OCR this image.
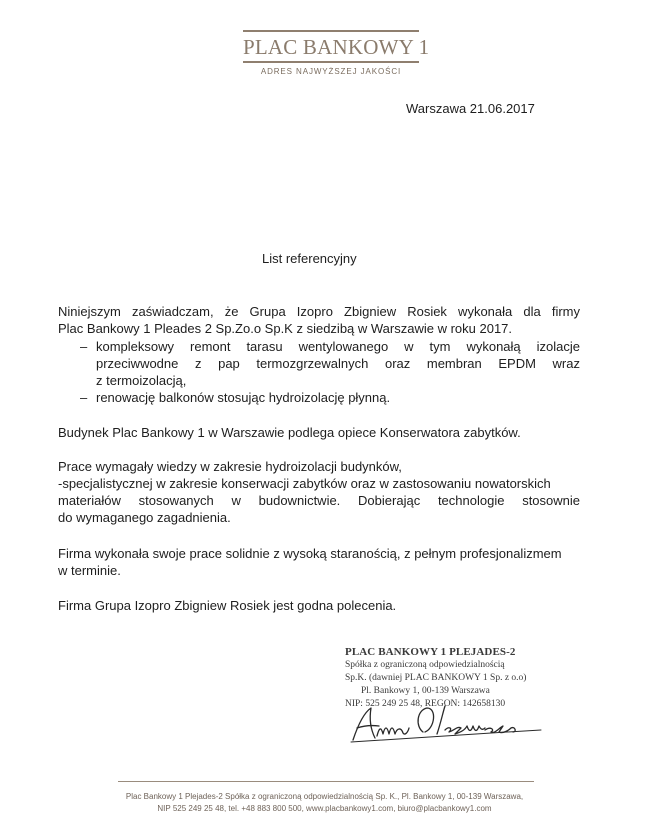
PLAC BANKOWY 1
ADRES NAJWYŻSZEJ JAKOŚCI
Warszawa 21.06.2017
List referencyjny
Niniejszym zaświadczam, że Grupa Izopro Zbigniew Rosiek wykonała dla firmy
Plac Bankowy 1 Pleades 2 Sp.Zo.o Sp.K z siedzibą w Warszawie w roku 2017.
– kompleksowy remont tarasu wentylowanego w tym wykonałą izolacje
przeciwwodne z pap termozgrzewalnych oraz membran EPDM wraz
z termoizolacją,
– renowację balkonów stosując hydroizolację płynną.
Budynek Plac Bankowy 1 w Warszawie podlega opiece Konserwatora zabytków.
Prace wymagały wiedzy w zakresie hydroizolacji budynków,
-specjalistycznej w zakresie konserwacji zabytków oraz w zastosowaniu nowatorskich
materiałów stosowanych w budownictwie. Dobierając technologie stosownie
do wymaganego zagadnienia.
Firma wykonała swoje prace solidnie z wysoką staranością, z pełnym profesjonalizmem
w terminie.
Firma Grupa Izopro Zbigniew Rosiek jest godna polecenia.
PLAC BANKOWY 1 PLEJADES-2
Spółka z ograniczoną odpowiedzialnością
Sp.K. (dawniej PLAC BANKOWY 1 Sp. z o.o)
Pl. Bankowy 1, 00-139 Warszawa
NIP: 525 249 25 48, REGON: 142658130
Plac Bankowy 1 Plejades-2 Spółka z ograniczoną odpowiedzialnością Sp. K., Pl. Bankowy 1, 00-139 Warszawa,
NIP 525 249 25 48, tel. +48 883 800 500, www.placbankowy1.com, biuro@placbankowy1.com
